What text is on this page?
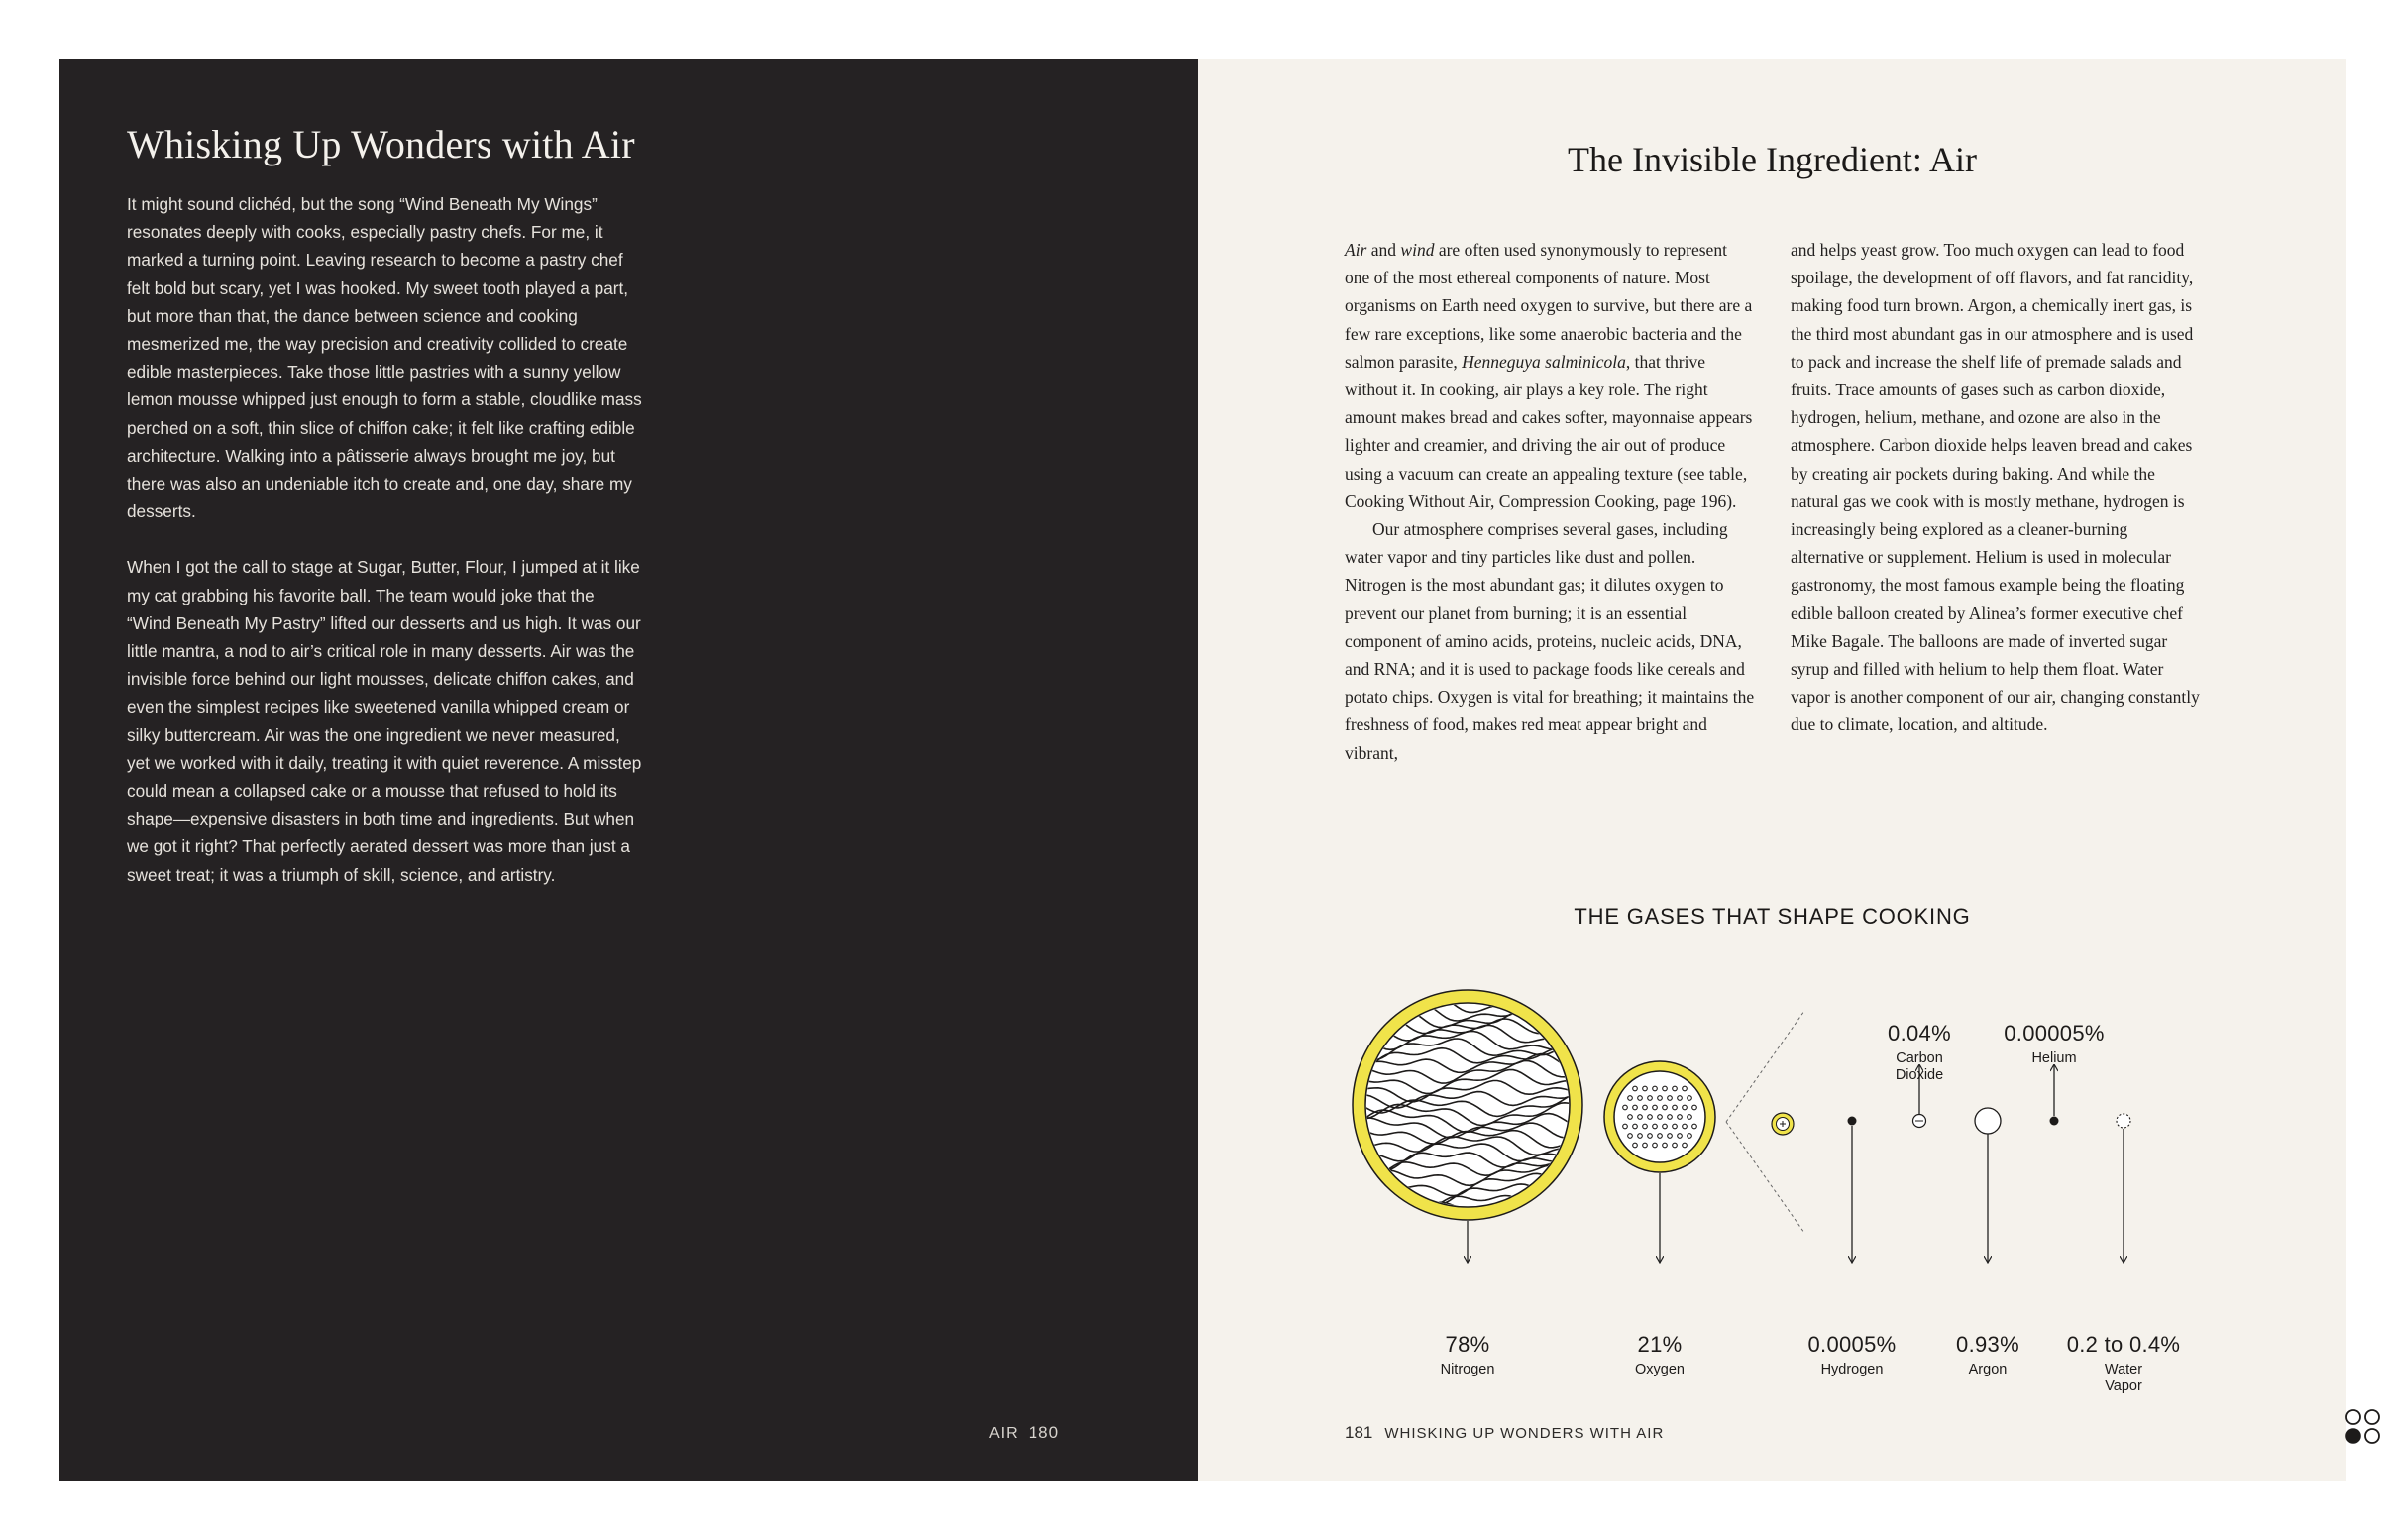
Whisking Up Wonders with Air

It might sound clichéd, but the song “Wind Beneath My Wings” resonates deeply with cooks, especially pastry chefs. For me, it marked a turning point. Leaving research to become a pastry chef felt bold but scary, yet I was hooked. My sweet tooth played a part, but more than that, the dance between science and cooking mesmerized me, the way precision and creativity collided to create edible masterpieces. Take those little pastries with a sunny yellow lemon mousse whipped just enough to form a stable, cloudlike mass perched on a soft, thin slice of chiffon cake; it felt like crafting edible architecture. Walking into a pâtisserie always brought me joy, but there was also an undeniable itch to create and, one day, share my desserts.

When I got the call to stage at Sugar, Butter, Flour, I jumped at it like my cat grabbing his favorite ball. The team would joke that the “Wind Beneath My Pastry” lifted our desserts and us high. It was our little mantra, a nod to air’s critical role in many desserts. Air was the invisible force behind our light mousses, delicate chiffon cakes, and even the simplest recipes like sweetened vanilla whipped cream or silky buttercream. Air was the one ingredient we never measured, yet we worked with it daily, treating it with quiet reverence. A misstep could mean a collapsed cake or a mousse that refused to hold its shape—expensive disasters in both time and ingredients. But when we got it right? That perfectly aerated dessert was more than just a sweet treat; it was a triumph of skill, science, and artistry.

AIR 180
The Invisible Ingredient: Air

Air and wind are often used synonymously to represent one of the most ethereal components of nature. Most organisms on Earth need oxygen to survive, but there are a few rare exceptions, like some anaerobic bacteria and the salmon parasite, Henneguya salminicola, that thrive without it. In cooking, air plays a key role. The right amount makes bread and cakes softer, mayonnaise appears lighter and creamier, and driving the air out of produce using a vacuum can create an appealing texture (see table, Cooking Without Air, Compression Cooking, page 196).

Our atmosphere comprises several gases, including water vapor and tiny particles like dust and pollen. Nitrogen is the most abundant gas; it dilutes oxygen to prevent our planet from burning; it is an essential component of amino acids, proteins, nucleic acids, DNA, and RNA; and it is used to package foods like cereals and potato chips. Oxygen is vital for breathing; it maintains the freshness of food, makes red meat appear bright and vibrant,

and helps yeast grow. Too much oxygen can lead to food spoilage, the development of off flavors, and fat rancidity, making food turn brown. Argon, a chemically inert gas, is the third most abundant gas in our atmosphere and is used to pack and increase the shelf life of premade salads and fruits. Trace amounts of gases such as carbon dioxide, hydrogen, helium, methane, and ozone are also in the atmosphere. Carbon dioxide helps leaven bread and cakes by creating air pockets during baking. And while the natural gas we cook with is mostly methane, hydrogen is increasingly being explored as a cleaner-burning alternative or supplement. Helium is used in molecular gastronomy, the most famous example being the floating edible balloon created by Alinea’s former executive chef Mike Bagale. The balloons are made of inverted sugar syrup and filled with helium to help them float. Water vapor is another component of our air, changing constantly due to climate, location, and altitude.

THE GASES THAT SHAPE COOKING
0.04%
Carbon
Dioxide
0.00005%
Helium
78%
Nitrogen
21%
Oxygen
0.0005%
Hydrogen
0.93%
Argon
0.2 to 0.4%
Water
Vapor
181 WHISKING UP WONDERS WITH AIR
